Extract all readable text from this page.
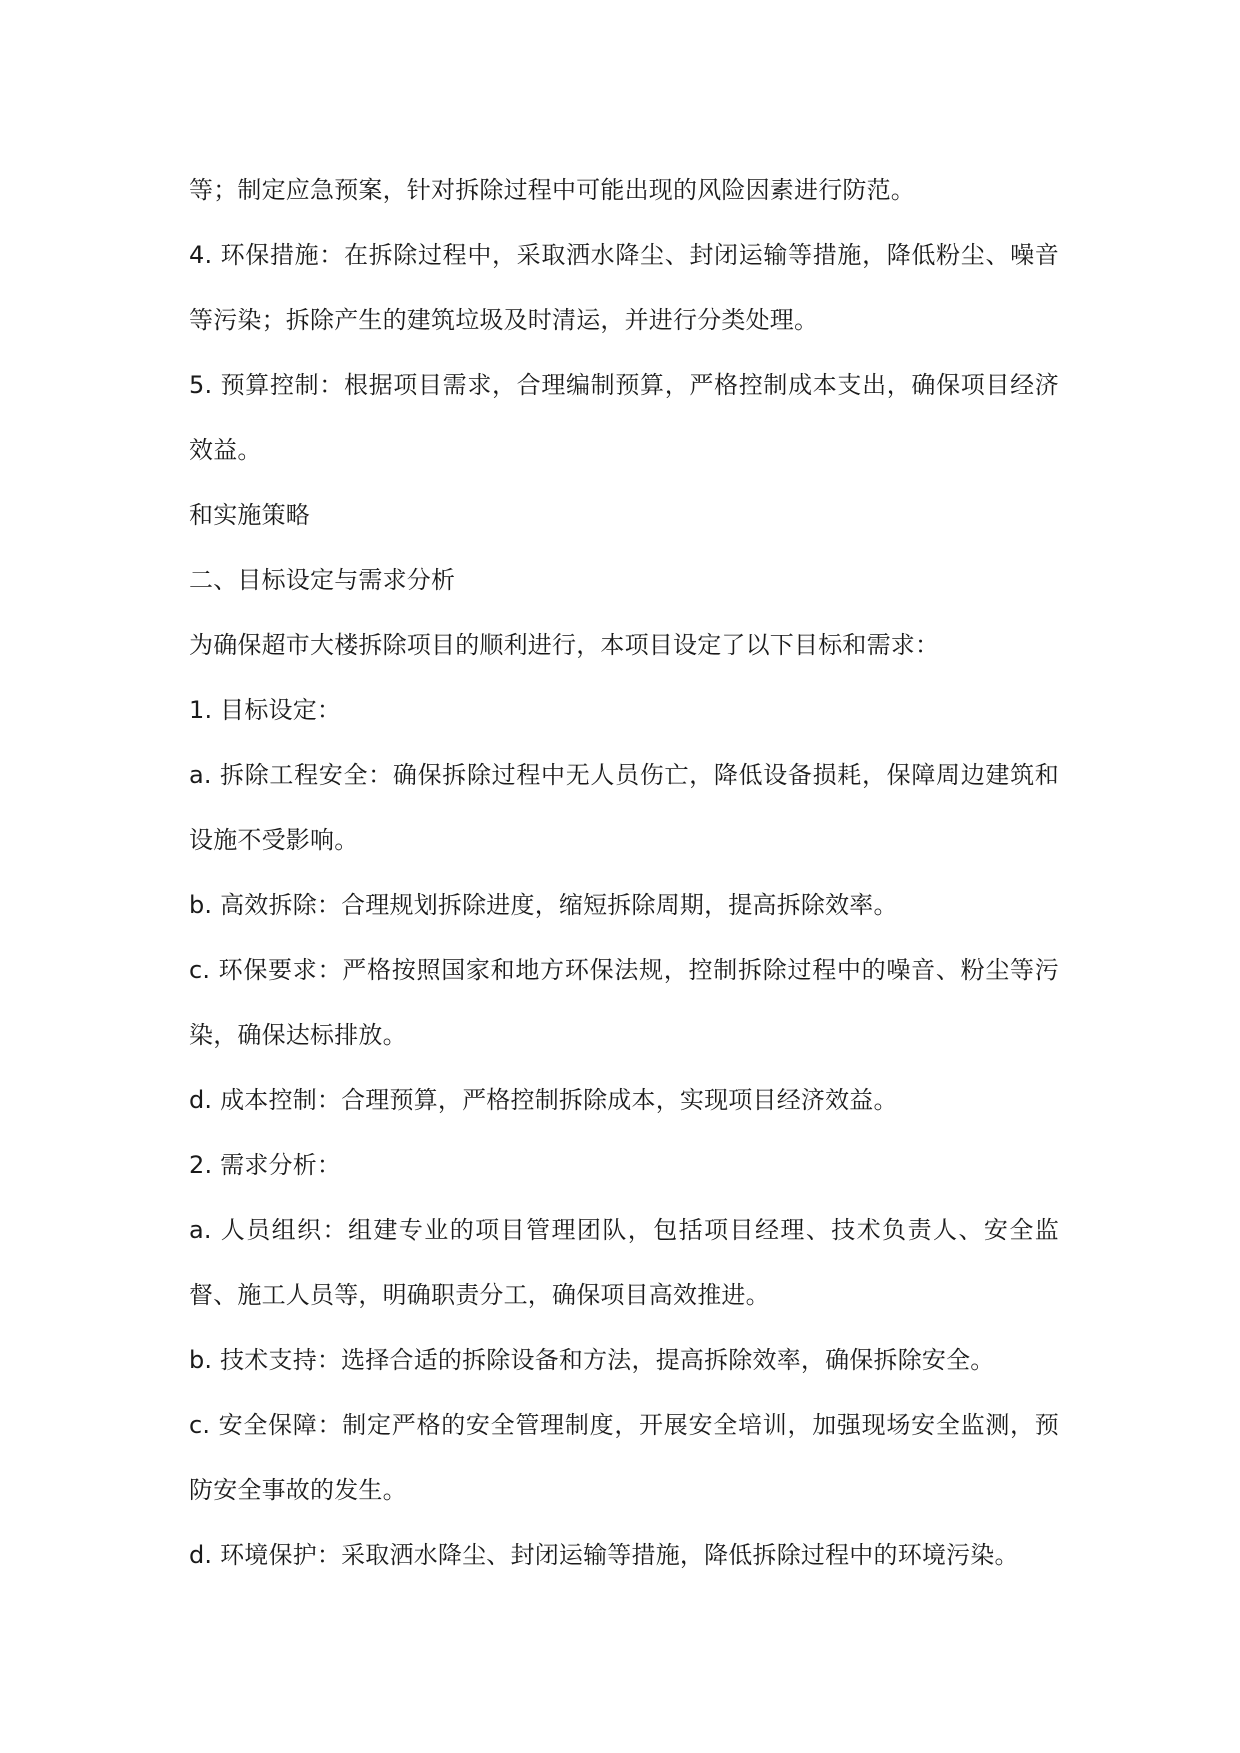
等；制定应急预案，针对拆除过程中可能出现的风险因素进行防范。

4. 环保措施：在拆除过程中，采取洒水降尘、封闭运输等措施，降低粉尘、噪音等污染；拆除产生的建筑垃圾及时清运，并进行分类处理。

5. 预算控制：根据项目需求，合理编制预算，严格控制成本支出，确保项目经济效益。

和实施策略

二、目标设定与需求分析

为确保超市大楼拆除项目的顺利进行，本项目设定了以下目标和需求：

1. 目标设定：

a. 拆除工程安全：确保拆除过程中无人员伤亡，降低设备损耗，保障周边建筑和设施不受影响。

b. 高效拆除：合理规划拆除进度，缩短拆除周期，提高拆除效率。

c. 环保要求：严格按照国家和地方环保法规，控制拆除过程中的噪音、粉尘等污染，确保达标排放。

d. 成本控制：合理预算，严格控制拆除成本，实现项目经济效益。

2. 需求分析：

a. 人员组织：组建专业的项目管理团队，包括项目经理、技术负责人、安全监督、施工人员等，明确职责分工，确保项目高效推进。

b. 技术支持：选择合适的拆除设备和方法，提高拆除效率，确保拆除安全。

c. 安全保障：制定严格的安全管理制度，开展安全培训，加强现场安全监测，预防安全事故的发生。

d. 环境保护：采取洒水降尘、封闭运输等措施，降低拆除过程中的环境污染。
